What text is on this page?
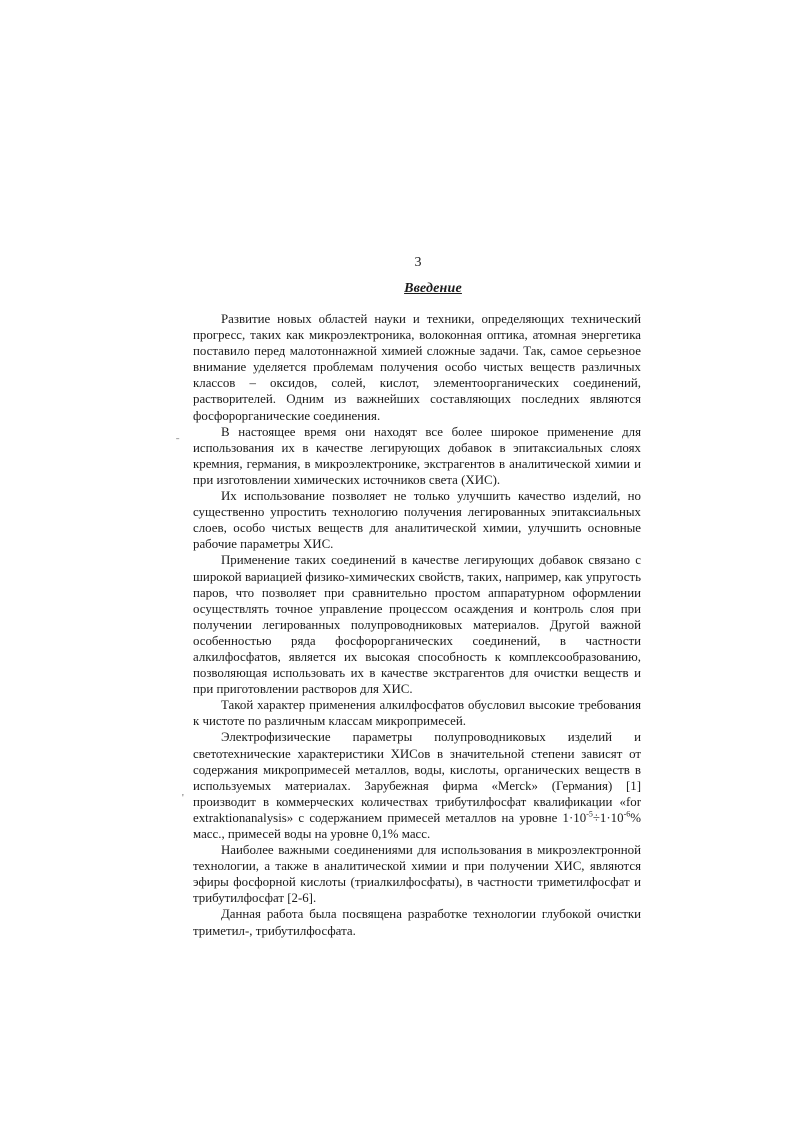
3
Введение

Развитие новых областей науки и техники, определяющих технический прогресс, таких как микроэлектроника, волоконная оптика, атомная энергетика поставило перед малотоннажной химией сложные задачи. Так, самое серьезное внимание уделяется проблемам получения особо чистых веществ различных классов – оксидов, солей, кислот, элементоорганических соединений, растворителей. Одним из важнейших составляющих последних являются фосфорорганические соединения.

В настоящее время они находят все более широкое применение для использования их в качестве легирующих добавок в эпитаксиальных слоях кремния, германия, в микроэлектронике, экстрагентов в аналитической химии и при изготовлении химических источников света (ХИС).

Их использование позволяет не только улучшить качество изделий, но существенно упростить технологию получения легированных эпитаксиальных слоев, особо чистых веществ для аналитической химии, улучшить основные рабочие параметры ХИС.

Применение таких соединений в качестве легирующих добавок связано с широкой вариацией физико-химических свойств, таких, например, как упругость паров, что позволяет при сравнительно простом аппаратурном оформлении осуществлять точное управление процессом осаждения и контроль слоя при получении легированных полупроводниковых материалов. Другой важной особенностью ряда фосфорорганических соединений, в частности алкилфосфатов, является их высокая способность к комплексообразованию, позволяющая использовать их в качестве экстрагентов для очистки веществ и при приготовлении растворов для ХИС.

Такой характер применения алкилфосфатов обусловил высокие требования к чистоте по различным классам микропримесей.

Электрофизические параметры полупроводниковых изделий и светотехнические характеристики ХИСов в значительной степени зависят от содержания микропримесей металлов, воды, кислоты, органических веществ в используемых материалах. Зарубежная фирма «Merck» (Германия) [1] производит в коммерческих количествах трибутилфосфат квалификации «for extraktionanalysis» с содержанием примесей металлов на уровне $1\cdot 10^{-5}\div 1\cdot 10^{-6}\%$ масс., примесей воды на уровне 0,1% масс.

Наиболее важными соединениями для использования в микроэлектронной технологии, а также в аналитической химии и при получении ХИС, являются эфиры фосфорной кислоты (триалкилфосфаты), в частности триметилфосфат и трибутилфосфат [2-6].

Данная работа была посвящена разработке технологии глубокой очистки триметил-, трибутилфосфата.

ˉ
'
